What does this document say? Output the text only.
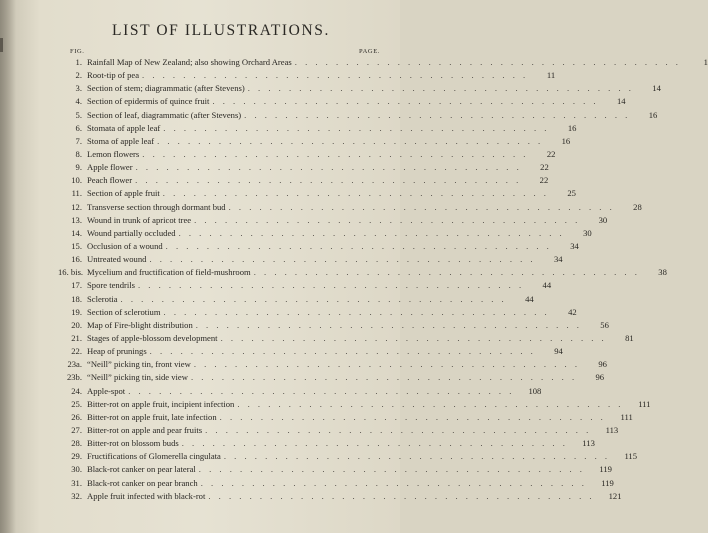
LIST OF ILLUSTRATIONS.
FIG.	PAGE.
1. Rainfall Map of New Zealand; also showing Orchard Areas . . .	1
2. Root-tip of pea . . .	11
3. Section of stem; diagrammatic (after Stevens) . . .	14
4. Section of epidermis of quince fruit . . .	14
5. Section of leaf, diagrammatic (after Stevens) . . .	16
6. Stomata of apple leaf . . .	16
7. Stoma of apple leaf . . .	16
8. Lemon flowers . . .	22
9. Apple flower . . .	22
10. Peach flower . . .	22
11. Section of apple fruit . . .	25
12. Transverse section through dormant bud . . .	28
13. Wound in trunk of apricot tree . . .	30
14. Wound partially occluded . . .	30
15. Occlusion of a wound . . .	34
16. Untreated wound . . .	34
16. bis. Mycelium and fructification of field-mushroom . . .	38
17. Spore tendrils . . .	44
18. Sclerotia . . .	44
19. Section of sclerotium . . .	42
20. Map of Fire-blight distribution . . .	56
21. Stages of apple-blossom development . . .	81
22. Heap of prunings . . .	94
23a. “Neill” picking tin, front view . . .	96
23b. “Neill” picking tin, side view . . .	96
24. Apple-spot . . .	108
25. Bitter-rot on apple fruit, incipient infection . . .	111
26. Bitter-rot on apple fruit, late infection . . .	111
27. Bitter-rot on apple and pear fruits . . .	113
28. Bitter-rot on blossom buds . . .	113
29. Fructifications of Glomerella cingulata . . .	115
30. Black-rot canker on pear lateral . . .	119
31. Black-rot canker on pear branch . . .	119
32. Apple fruit infected with black-rot . . .	121
